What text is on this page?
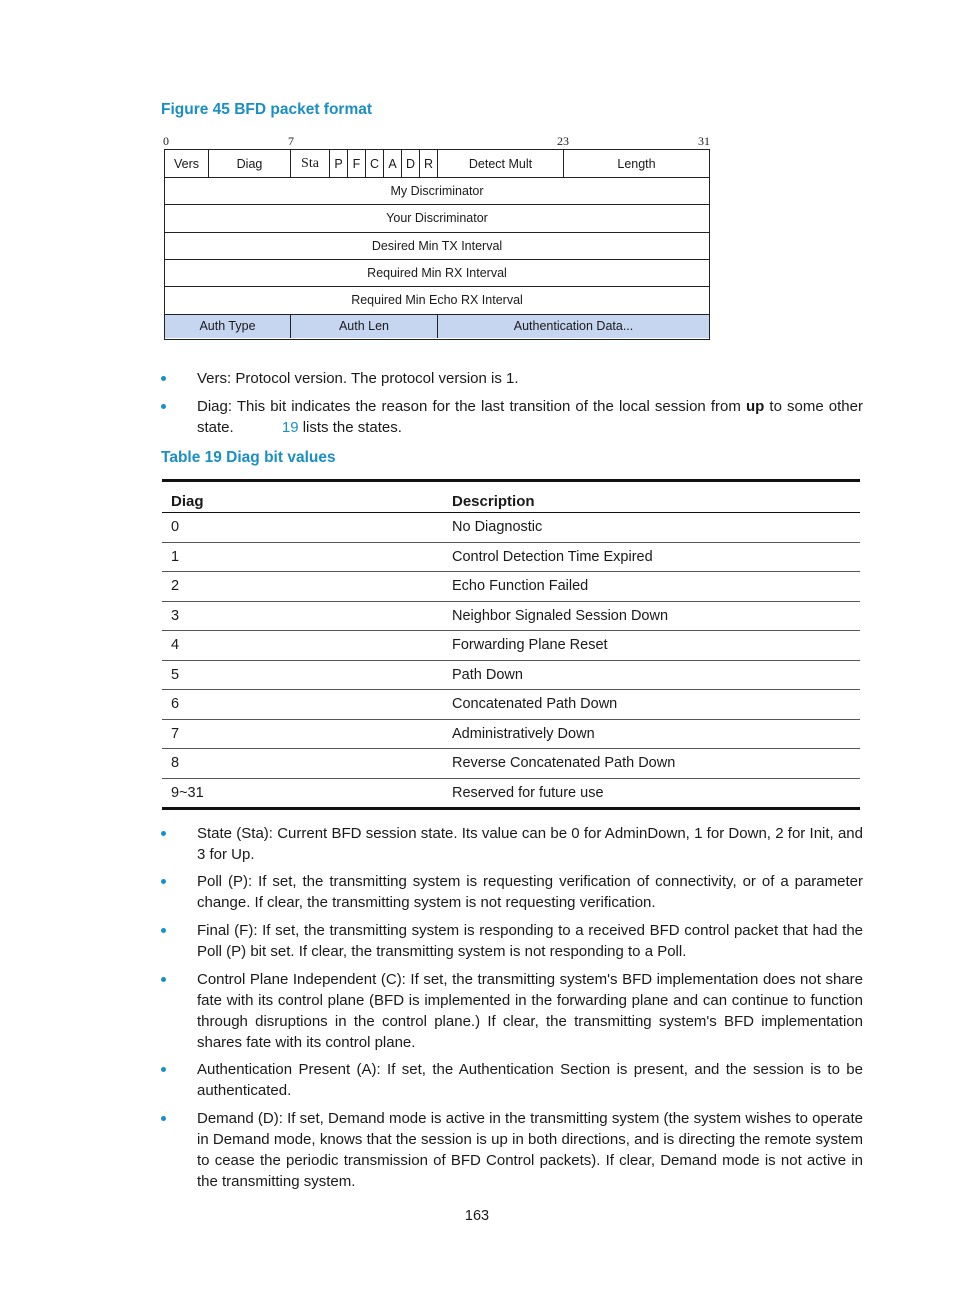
Figure 45 BFD packet format
0	7	23	31
Vers	Diag	Sta	P F C A D R	Detect Mult	Length
My Discriminator
Your Discriminator
Desired Min TX Interval
Required Min RX Interval
Required Min Echo RX Interval
Auth Type	Auth Len	Authentication Data...
Vers: Protocol version. The protocol version is 1.
Diag: This bit indicates the reason for the last transition of the local session from up to some other state.	19 lists the states.
Table 19 Diag bit values
Diag	Description
0	No Diagnostic
1	Control Detection Time Expired
2	Echo Function Failed
3	Neighbor Signaled Session Down
4	Forwarding Plane Reset
5	Path Down
6	Concatenated Path Down
7	Administratively Down
8	Reverse Concatenated Path Down
9~31	Reserved for future use
State (Sta): Current BFD session state. Its value can be 0 for AdminDown, 1 for Down, 2 for Init, and 3 for Up.
Poll (P): If set, the transmitting system is requesting verification of connectivity, or of a parameter change. If clear, the transmitting system is not requesting verification.
Final (F): If set, the transmitting system is responding to a received BFD control packet that had the Poll (P) bit set. If clear, the transmitting system is not responding to a Poll.
Control Plane Independent (C): If set, the transmitting system's BFD implementation does not share fate with its control plane (BFD is implemented in the forwarding plane and can continue to function through disruptions in the control plane.) If clear, the transmitting system's BFD implementation shares fate with its control plane.
Authentication Present (A): If set, the Authentication Section is present, and the session is to be authenticated.
Demand (D): If set, Demand mode is active in the transmitting system (the system wishes to operate in Demand mode, knows that the session is up in both directions, and is directing the remote system to cease the periodic transmission of BFD Control packets). If clear, Demand mode is not active in the transmitting system.
163
